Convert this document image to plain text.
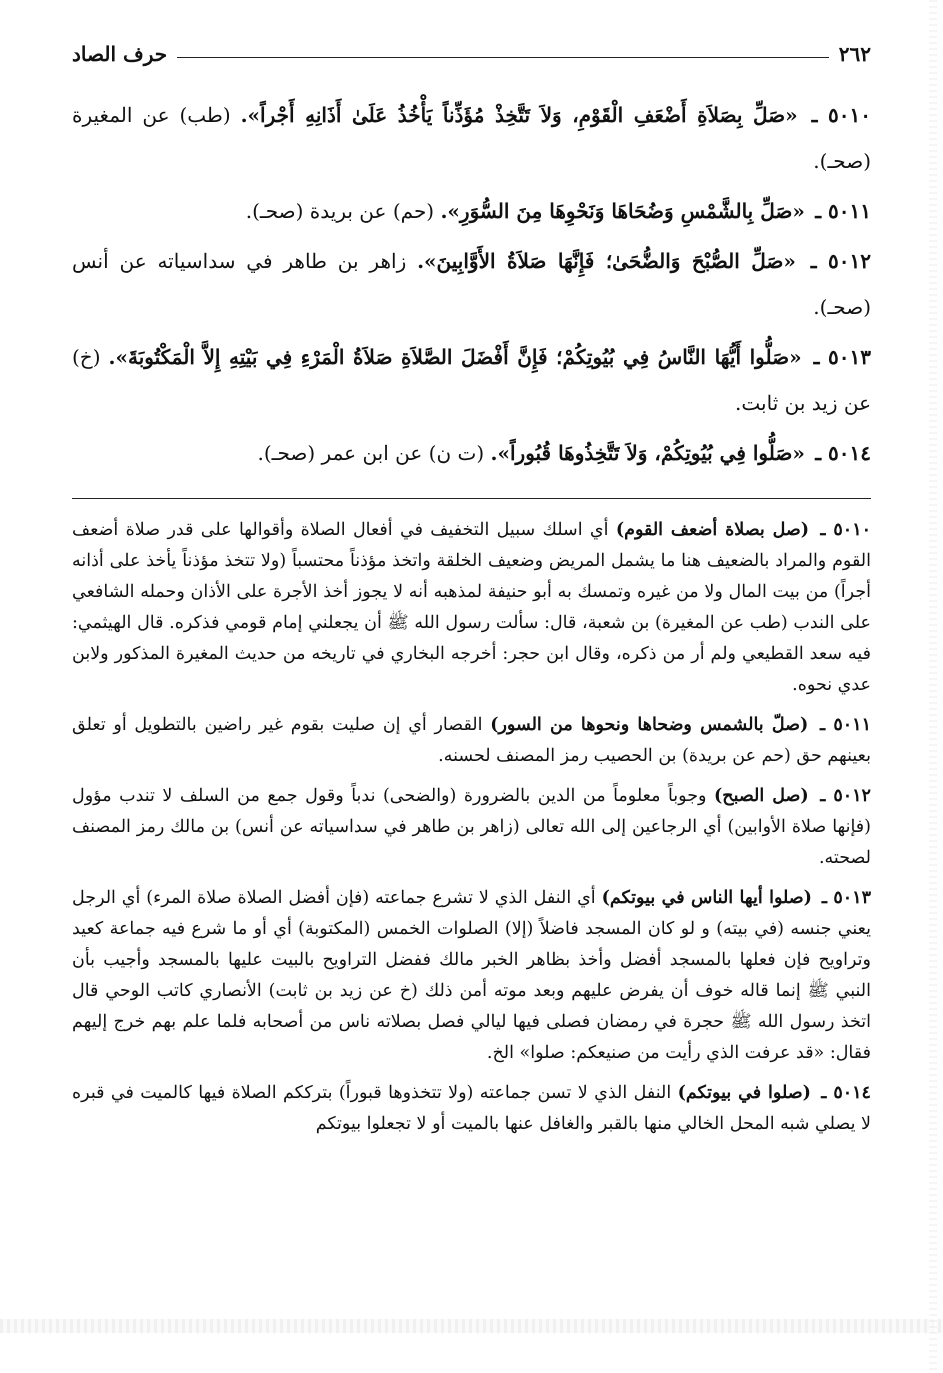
٢٦٢
حرف الصاد

٥٠١٠ ـ «صَلِّ بِصَلاَةِ أَضْعَفِ الْقَوْمِ، وَلاَ تَتَّخِذْ مُؤَذِّناً يَأْخُذُ عَلَىٰ أَذَانِهِ أَجْراً». (طب) عن المغيرة (صحـ).

٥٠١١ ـ «صَلِّ بِالشَّمْسِ وَضُحَاهَا وَنَحْوِهَا مِنَ السُّوَرِ». (حم) عن بريدة (صحـ).

٥٠١٢ ـ «صَلِّ الصُّبْحَ وَالضُّحَىٰ؛ فَإِنَّهَا صَلاَةُ الأَوَّابِينَ». زاهر بن طاهر في سداسياته عن أنس (صحـ).

٥٠١٣ ـ «صَلُّوا أَيُّهَا النَّاسُ فِي بُيُوتِكُمْ؛ فَإِنَّ أَفْضَلَ الصَّلاَةِ صَلاَةُ الْمَرْءِ فِي بَيْتِهِ إِلاَّ الْمَكْتُوبَةَ». (خ) عن زيد بن ثابت.

٥٠١٤ ـ «صَلُّوا فِي بُيُوتِكُمْ، وَلاَ تَتَّخِذُوهَا قُبُوراً». (ت ن) عن ابن عمر (صحـ).

٥٠١٠ ـ (صل بصلاة أضعف القوم) أي اسلك سبيل التخفيف في أفعال الصلاة وأقوالها على قدر صلاة أضعف القوم والمراد بالضعيف هنا ما يشمل المريض وضعيف الخلقة واتخذ مؤذناً محتسباً (ولا تتخذ مؤذناً يأخذ على أذانه أجراً) من بيت المال ولا من غيره وتمسك به أبو حنيفة لمذهبه أنه لا يجوز أخذ الأجرة على الأذان وحمله الشافعي على الندب (طب عن المغيرة) بن شعبة، قال: سألت رسول الله ﷺ أن يجعلني إمام قومي فذكره. قال الهيثمي: فيه سعد القطيعي ولم أر من ذكره، وقال ابن حجر: أخرجه البخاري في تاريخه من حديث المغيرة المذكور ولابن عدي نحوه.

٥٠١١ ـ (صلّ بالشمس وضحاها ونحوها من السور) القصار أي إن صليت بقوم غير راضين بالتطويل أو تعلق بعينهم حق (حم عن بريدة) بن الحصيب رمز المصنف لحسنه.

٥٠١٢ ـ (صل الصبح) وجوباً معلوماً من الدين بالضرورة (والضحى) ندباً وقول جمع من السلف لا تندب مؤول (فإنها صلاة الأوابين) أي الرجاعين إلى الله تعالى (زاهر بن طاهر في سداسياته عن أنس) بن مالك رمز المصنف لصحته.

٥٠١٣ ـ (صلوا أيها الناس في بيوتكم) أي النفل الذي لا تشرع جماعته (فإن أفضل الصلاة صلاة المرء) أي الرجل يعني جنسه (في بيته) و لو كان المسجد فاضلاً (إلا) الصلوات الخمس (المكتوبة) أي أو ما شرع فيه جماعة كعيد وتراويح فإن فعلها بالمسجد أفضل وأخذ بظاهر الخبر مالك ففضل التراويح بالبيت عليها بالمسجد وأجيب بأن النبي ﷺ إنما قاله خوف أن يفرض عليهم وبعد موته أمن ذلك (خ عن زيد بن ثابت) الأنصاري كاتب الوحي قال اتخذ رسول الله ﷺ حجرة في رمضان فصلى فيها ليالي فصل بصلاته ناس من أصحابه فلما علم بهم خرج إليهم فقال: «قد عرفت الذي رأيت من صنيعكم: صلوا» الخ.

٥٠١٤ ـ (صلوا في بيوتكم) النفل الذي لا تسن جماعته (ولا تتخذوها قبوراً) بترككم الصلاة فيها كالميت في قبره لا يصلي شبه المحل الخالي منها بالقبر والغافل عنها بالميت أو لا تجعلوا بيوتكم
